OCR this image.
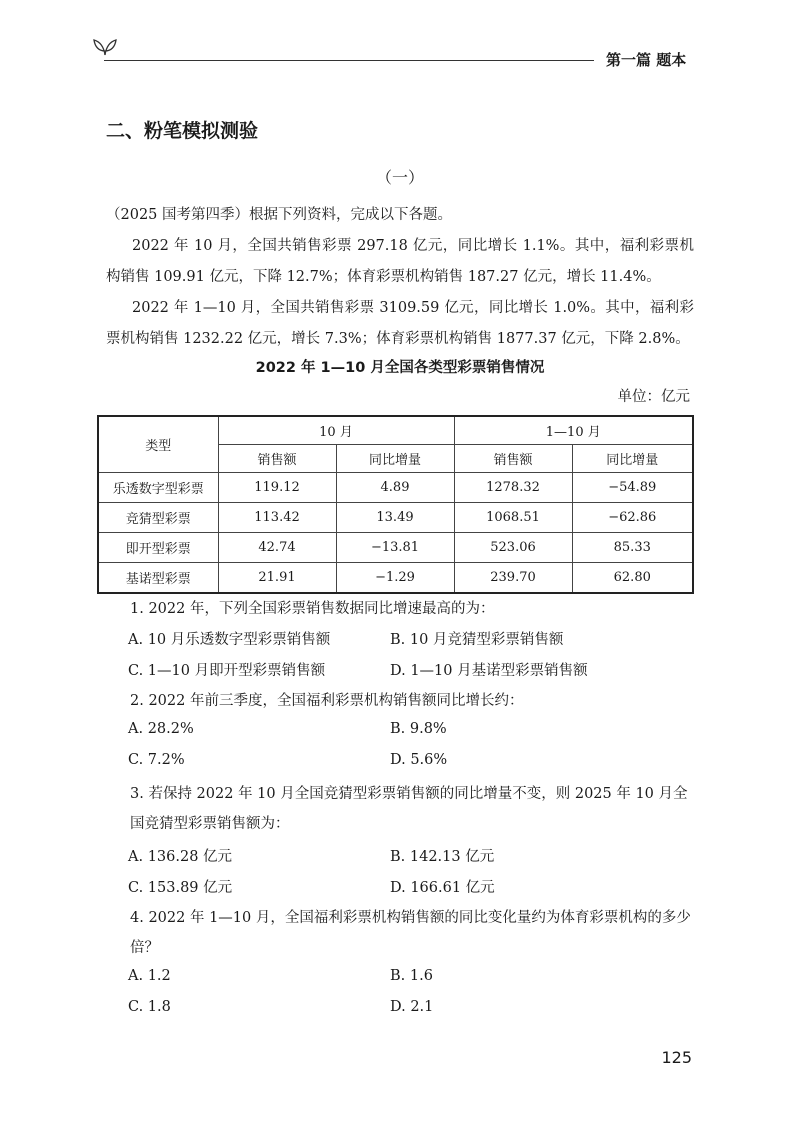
第一篇 题本
二、粉笔模拟测验
（一）
（2025 国考第四季）根据下列资料，完成以下各题。
2022 年 10 月，全国共销售彩票 297.18 亿元，同比增长 1.1%。其中，福利彩票机构销售 109.91 亿元，下降 12.7%；体育彩票机构销售 187.27 亿元，增长 11.4%。
2022 年 1—10 月，全国共销售彩票 3109.59 亿元，同比增长 1.0%。其中，福利彩票机构销售 1232.22 亿元，增长 7.3%；体育彩票机构销售 1877.37 亿元，下降 2.8%。
2022 年 1—10 月全国各类型彩票销售情况
单位：亿元
类型	10 月		1—10 月	
	销售额	同比增量	销售额	同比增量
乐透数字型彩票	119.12	4.89	1278.32	−54.89
竞猜型彩票	113.42	13.49	1068.51	−62.86
即开型彩票	42.74	−13.81	523.06	85.33
基诺型彩票	21.91	−1.29	239.70	62.80
1. 2022 年，下列全国彩票销售数据同比增速最高的为：
A. 10 月乐透数字型彩票销售额	B. 10 月竞猜型彩票销售额
C. 1—10 月即开型彩票销售额	D. 1—10 月基诺型彩票销售额
2. 2022 年前三季度，全国福利彩票机构销售额同比增长约：
A. 28.2%	B. 9.8%
C. 7.2%	D. 5.6%
3. 若保持 2022 年 10 月全国竞猜型彩票销售额的同比增量不变，则 2025 年 10 月全国竞猜型彩票销售额为：
A. 136.28 亿元	B. 142.13 亿元
C. 153.89 亿元	D. 166.61 亿元
4. 2022 年 1—10 月，全国福利彩票机构销售额的同比变化量约为体育彩票机构的多少倍？
A. 1.2	B. 1.6
C. 1.8	D. 2.1
125
